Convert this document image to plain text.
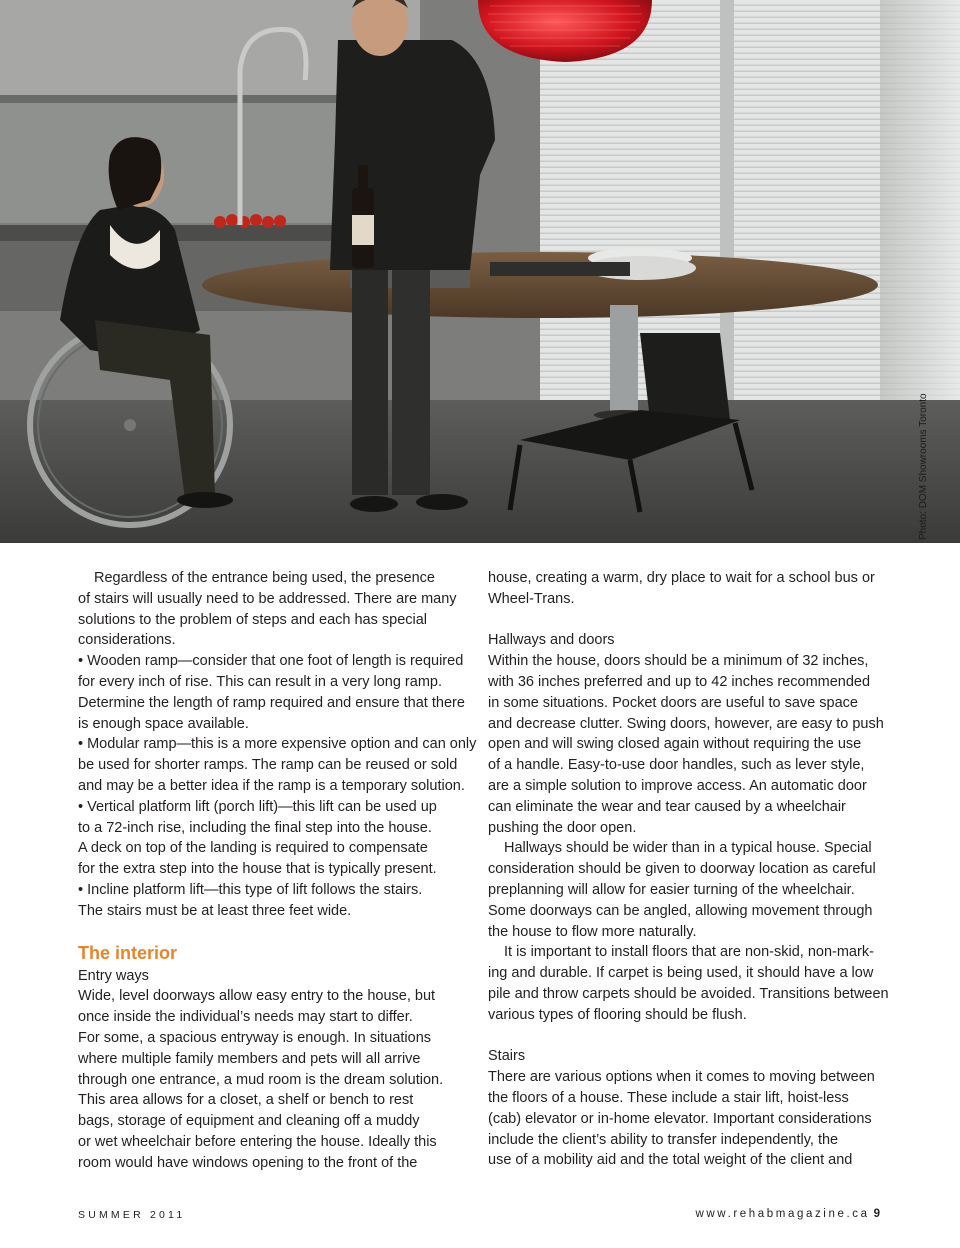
Photo: DOM Showrooms Toronto
Regardless of the entrance being used, the presence
of stairs will usually need to be addressed. There are many
solutions to the problem of steps and each has special
considerations.
• Wooden ramp—consider that one foot of length is required
for every inch of rise. This can result in a very long ramp.
Determine the length of ramp required and ensure that there
is enough space available.
• Modular ramp—this is a more expensive option and can only
be used for shorter ramps. The ramp can be reused or sold
and may be a better idea if the ramp is a temporary solution.
• Vertical platform lift (porch lift)—this lift can be used up
to a 72-inch rise, including the final step into the house.
A deck on top of the landing is required to compensate
for the extra step into the house that is typically present.
• Incline platform lift—this type of lift follows the stairs.
The stairs must be at least three feet wide.
The interior
Entry ways
Wide, level doorways allow easy entry to the house, but
once inside the individual’s needs may start to differ.
For some, a spacious entryway is enough. In situations
where multiple family members and pets will all arrive
through one entrance, a mud room is the dream solution.
This area allows for a closet, a shelf or bench to rest
bags, storage of equipment and cleaning off a muddy
or wet wheelchair before entering the house. Ideally this
room would have windows opening to the front of the
house, creating a warm, dry place to wait for a school bus or
Wheel-Trans.
Hallways and doors
Within the house, doors should be a minimum of 32 inches,
with 36 inches preferred and up to 42 inches recommended
in some situations. Pocket doors are useful to save space
and decrease clutter. Swing doors, however, are easy to push
open and will swing closed again without requiring the use
of a handle. Easy-to-use door handles, such as lever style,
are a simple solution to improve access. An automatic door
can eliminate the wear and tear caused by a wheelchair
pushing the door open.
Hallways should be wider than in a typical house. Special
consideration should be given to doorway location as careful
preplanning will allow for easier turning of the wheelchair.
Some doorways can be angled, allowing movement through
the house to flow more naturally.
It is important to install floors that are non-skid, non-mark-
ing and durable. If carpet is being used, it should have a low
pile and throw carpets should be avoided. Transitions between
various types of flooring should be flush.
Stairs
There are various options when it comes to moving between
the floors of a house. These include a stair lift, hoist-less
(cab) elevator or in-home elevator. Important considerations
include the client’s ability to transfer independently, the
use of a mobility aid and the total weight of the client and
SUMMER 2011	www.rehabmagazine.ca 9
